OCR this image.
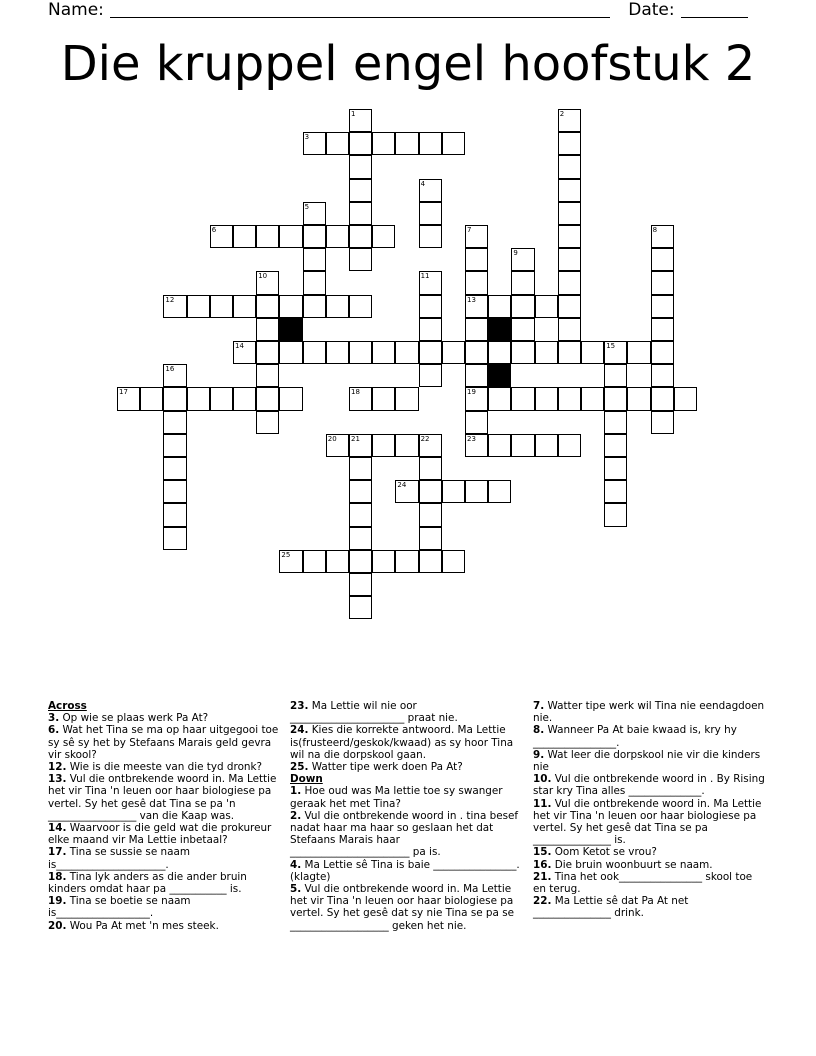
Name:	Date:
Die kruppel engel hoofstuk 2
1	2
3
4
5
6	7	8
9
10	11
12	13
14	15
16
17	18	19
20 21	22	23
24
25

Across

3. Op wie se plaas werk Pa At?

6. Wat het Tina se ma op haar uitgegooi toe sy sê sy het by Stefaans Marais geld gevra vir skool?

12. Wie is die meeste van die tyd dronk?

13. Vul die ontbrekende woord in. Ma Lettie het vir Tina 'n leuen oor haar biologiese pa vertel. Sy het gesê dat Tina se pa 'n _________________ van die Kaap was.

14. Waarvoor is die geld wat die prokureur elke maand vir Ma Lettie inbetaal?

17. Tina se sussie se naam is_____________________.

18. Tina lyk anders as die ander bruin kinders omdat haar pa ___________ is.

19. Tina se boetie se naam is__________________.

20. Wou Pa At met 'n mes steek.

23. Ma Lettie wil nie oor ______________________ praat nie.

24. Kies die korrekte antwoord. Ma Lettie is(frusteerd/geskok/kwaad) as sy hoor Tina wil na die dorpskool gaan.

25. Watter tipe werk doen Pa At?

Down

1. Hoe oud was Ma lettie toe sy swanger geraak het met Tina?

2. Vul die ontbrekende woord in . tina besef nadat haar ma haar so geslaan het dat Stefaans Marais haar _______________________ pa is.

4. Ma Lettie sê Tina is baie ________________. (klagte)

5. Vul die ontbrekende woord in. Ma Lettie het vir Tina 'n leuen oor haar biologiese pa vertel. Sy het gesê dat sy nie Tina se pa se ___________________ geken het nie.

7. Watter tipe werk wil Tina nie eendagdoen nie.

8. Wanneer Pa At baie kwaad is, kry hy ________________.

9. Wat leer die dorpskool nie vir die kinders nie

10. Vul die ontbrekende woord in . By Rising star kry Tina alles ______________.

11. Vul die ontbrekende woord in. Ma Lettie het vir Tina 'n leuen oor haar biologiese pa vertel. Sy het gesê dat Tina se pa _______________ is.

15. Oom Ketot se vrou?

16. Die bruin woonbuurt se naam.

21. Tina het ook________________ skool toe en terug.

22. Ma Lettie sê dat Pa At net _______________ drink.
